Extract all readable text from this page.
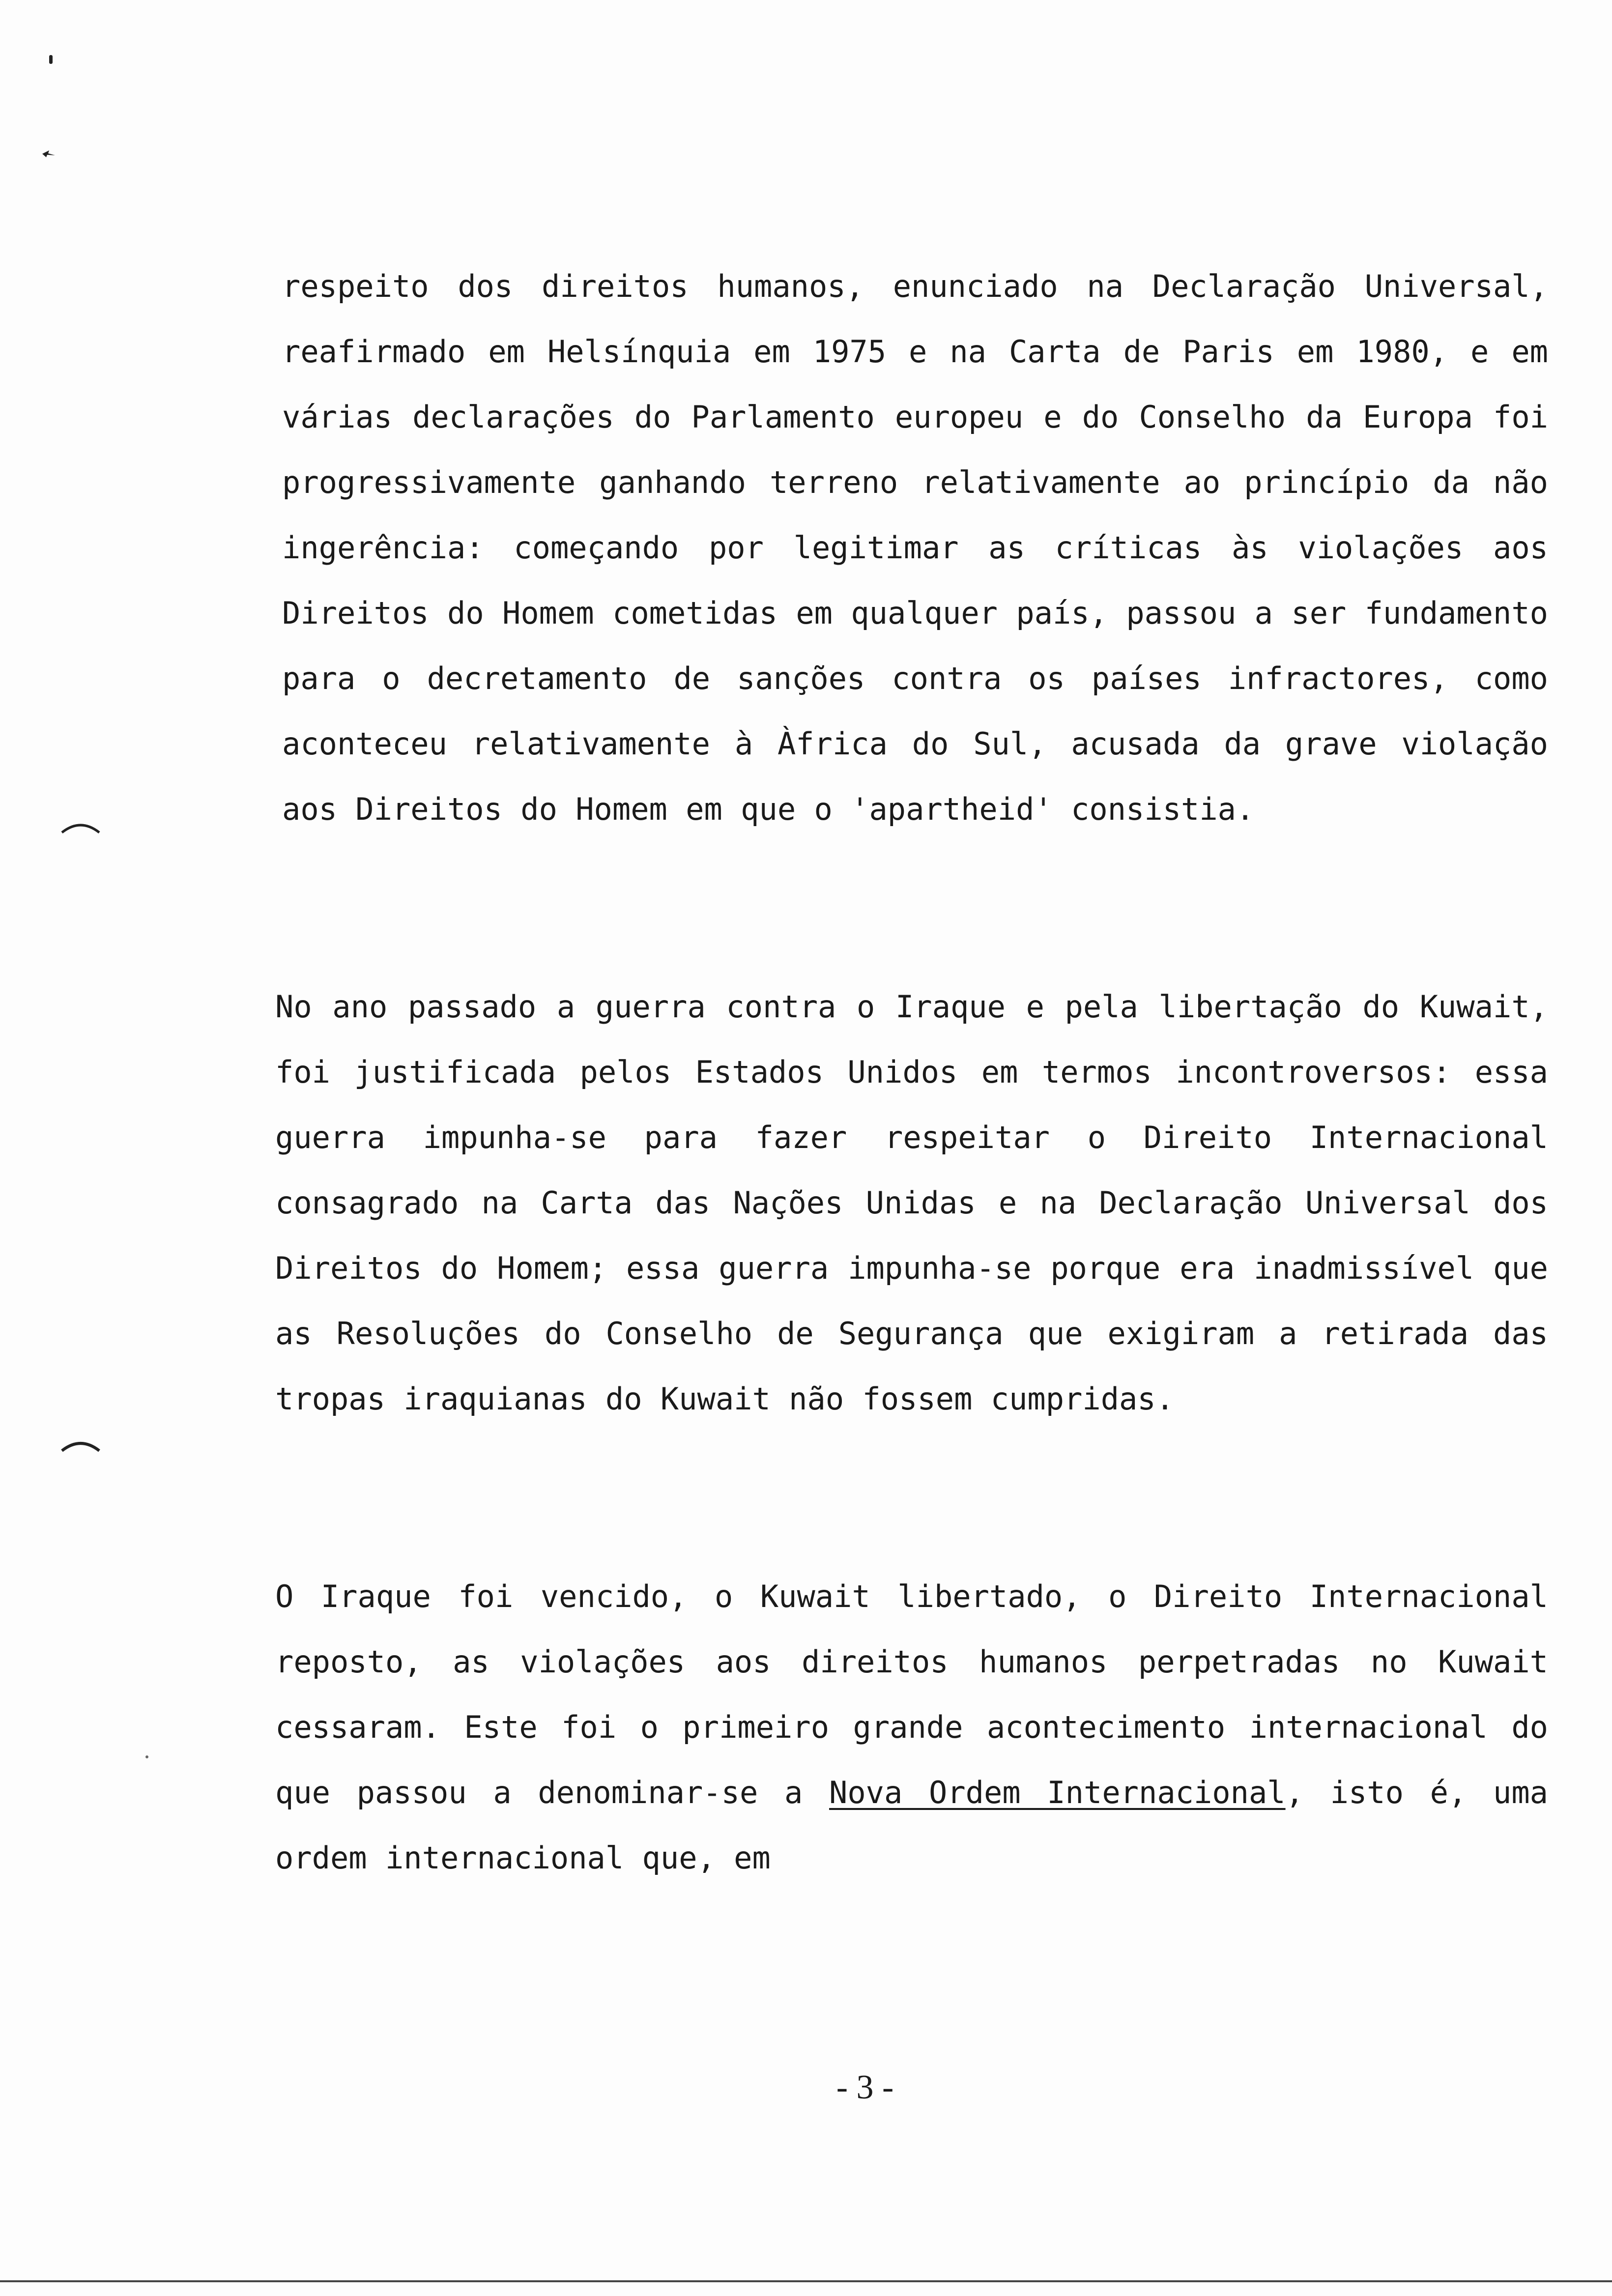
respeito dos direitos humanos, enunciado na Declaração Universal, reafirmado em Helsínquia em 1975 e na Carta de Paris em 1980, e em várias declarações do Parlamento europeu e do Conselho da Europa foi progressivamente ganhando terreno relativamente ao princípio da não ingerência: começando por legitimar as críticas às violações aos Direitos do Homem cometidas em qualquer país, passou a ser fundamento para o decretamento de sanções contra os países infractores, como aconteceu relativamente à Àfrica do Sul, acusada da grave violação aos Direitos do Homem em que o 'apartheid' consistia.

No ano passado a guerra contra o Iraque e pela libertação do Kuwait, foi justificada pelos Estados Unidos em termos incontroversos: essa guerra impunha-se para fazer respeitar o Direito Internacional consagrado na Carta das Nações Unidas e na Declaração Universal dos Direitos do Homem; essa guerra impunha-se porque era inadmissível que as Resoluções do Conselho de Segurança que exigiram a retirada das tropas iraquianas do Kuwait não fossem cumpridas.

O Iraque foi vencido, o Kuwait libertado, o Direito Internacional reposto, as violações aos direitos humanos perpetradas no Kuwait cessaram. Este foi o primeiro grande acontecimento internacional do que passou a denominar-se a Nova Ordem Internacional, isto é, uma ordem internacional que, em

- 3 -
